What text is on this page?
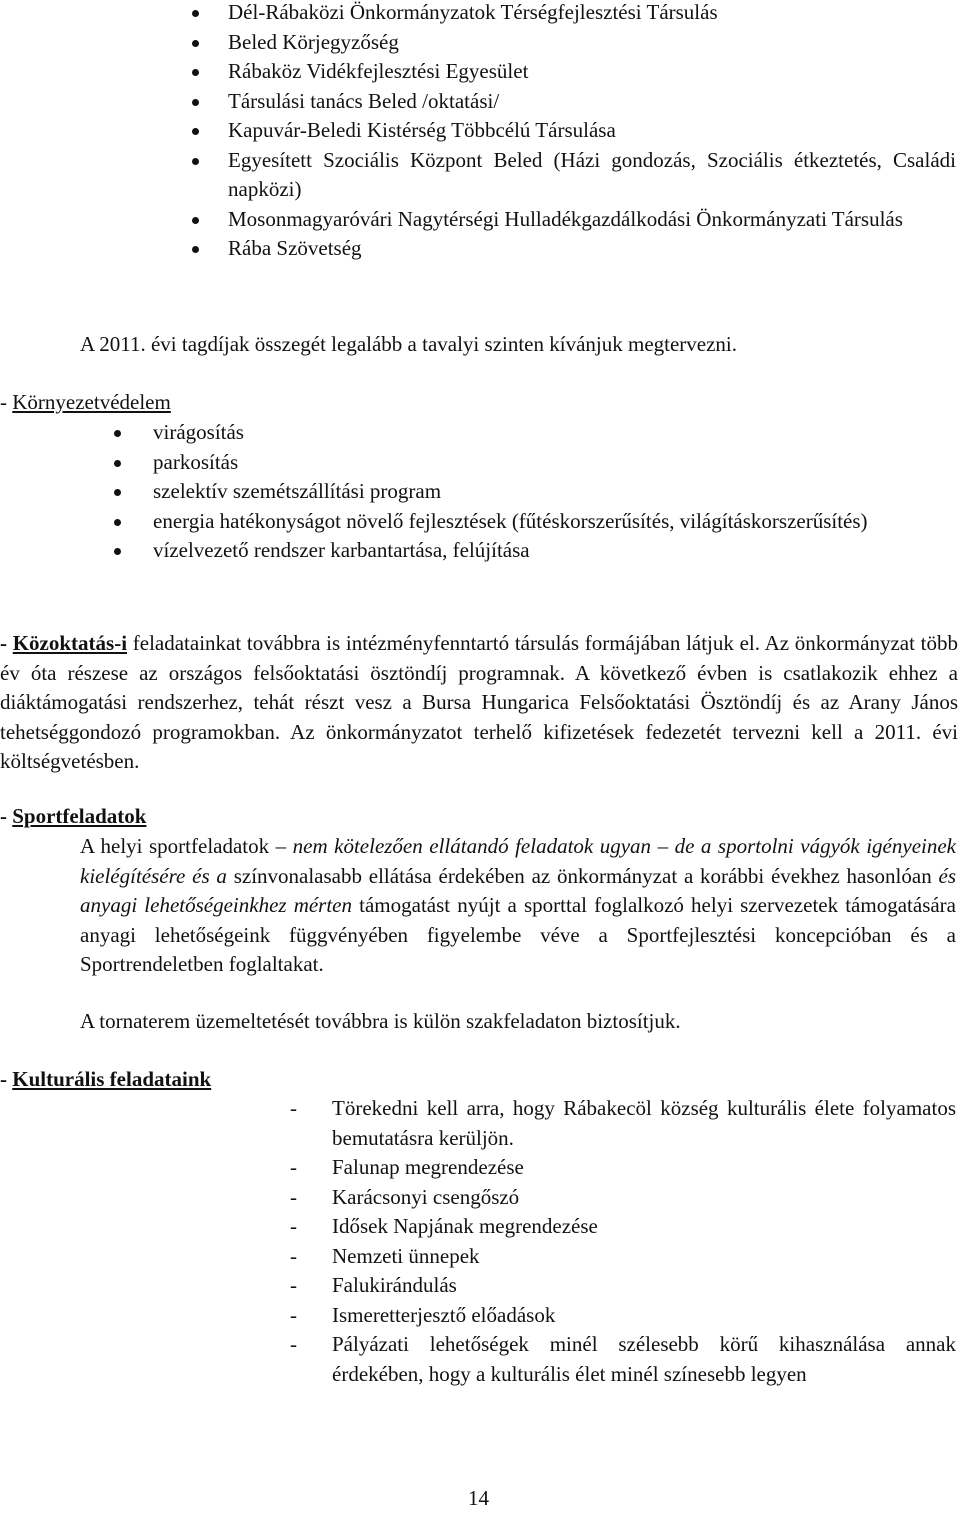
Dél-Rábaközi Önkormányzatok Térségfejlesztési Társulás
Beled Körjegyzőség
Rábaköz Vidékfejlesztési Egyesület
Társulási tanács Beled /oktatási/
Kapuvár-Beledi Kistérség Többcélú Társulása
Egyesített Szociális Központ Beled (Házi gondozás, Szociális étkeztetés, Családi napközi)
Mosonmagyaróvári Nagytérségi Hulladékgazdálkodási Önkormányzati Társulás
Rába Szövetség
A 2011. évi tagdíjak összegét legalább a tavalyi szinten kívánjuk megtervezni.
- Környezetvédelem
virágosítás
parkosítás
szelektív szemétszállítási program
energia hatékonyságot növelő fejlesztések (fűtéskorszerűsítés, világításkorszerűsítés)
vízelvezető rendszer karbantartása, felújítása
- Közoktatás-i feladatainkat továbbra is intézményfenntartó társulás formájában látjuk el. Az önkormányzat több év óta részese az országos felsőoktatási ösztöndíj programnak. A következő évben is csatlakozik ehhez a diáktámogatási rendszerhez, tehát részt vesz a Bursa Hungarica Felsőoktatási Ösztöndíj és az Arany János tehetséggondozó programokban. Az önkormányzatot terhelő kifizetések fedezetét tervezni kell a 2011. évi költségvetésben.
- Sportfeladatok
A helyi sportfeladatok – nem kötelezően ellátandó feladatok ugyan – de a sportolni vágyók igényeinek kielégítésére és a színvonalasabb ellátása érdekében az önkormányzat a korábbi évekhez hasonlóan és anyagi lehetőségeinkhez mérten támogatást nyújt a sporttal foglalkozó helyi szervezetek támogatására anyagi lehetőségeink függvényében figyelembe véve a Sportfejlesztési koncepcióban és a Sportrendeletben foglaltakat.
A tornaterem üzemeltetését továbbra is külön szakfeladaton biztosítjuk.
- Kulturális feladataink
- Törekedni kell arra, hogy Rábakecöl község kulturális élete folyamatos bemutatásra kerüljön.
- Falunap megrendezése
- Karácsonyi csengőszó
- Idősek Napjának megrendezése
- Nemzeti ünnepek
- Falukirándulás
- Ismeretterjesztő előadások
- Pályázati lehetőségek minél szélesebb körű kihasználása annak érdekében, hogy a kulturális élet minél színesebb legyen
14
